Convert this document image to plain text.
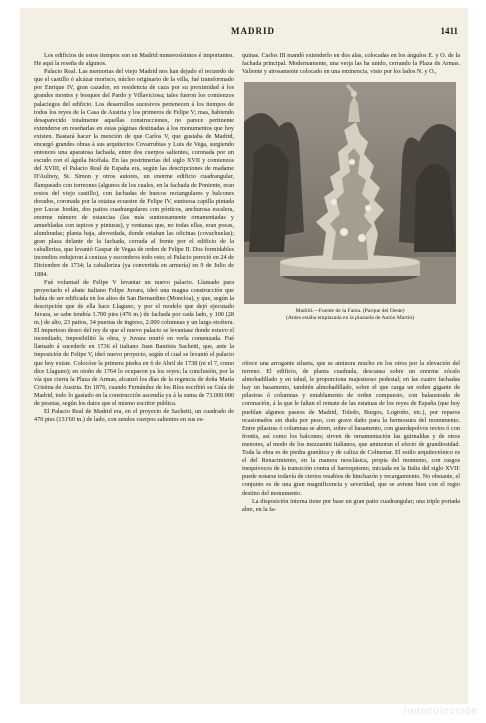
MADRID	1411

Los edificios de estos tiempos son en Madrid numerosísimos é importantes. He aquí la reseña de algunos.

Palacio Real. Las memorias del viejo Madrid nos han dejado el recuerdo de que el castillo ó alcázar morisco, núcleo originario de la villa, fué transformado por Enrique IV, gran cazador, en residencia de caza por su proximidad á los grandes montes y bosques del Pardo y Villaviciosa; tales fueron los comienzos palaciegos del edificio. Los desarrollos sucesivos pertenecen á los tiempos de todos los reyes de la Casa de Austria y los primeros de Felipe V; mas, habiendo desaparecido totalmente aquellas construcciones, no parece pertinente extenderse en reseñarlas en estas páginas destinadas á los monumentos que hoy existen. Bastará hacer la mención de que Carlos V, que gustaba de Madrid, encargó grandes obras á sus arquitectos Covarrubias y Luis de Vega, surgiendo entonces una aparatosa fachada, entre dos cuerpos salientes, coronada por un escudo con el águila bicéfala. En las postrimerías del siglo XVII y comienzos del XVIII, el Palacio Real de España era, según las descripciones de madame D'Aulnoy, St. Simon y otros autores, un enorme edificio cuadrangular, flanqueado con torreones (algunos de los cuales, en la fachada de Poniente, eran restos del viejo castillo), con fachadas de huecos rectangulares y balcones dorados, coronada por la estatua ecuestre de Felipe IV, suntuosa capilla pintada por Lucas Jordán, dos patios cuadrangulares con pórticos, anchurosa escalera, enorme número de estancias (las más suntuosamente ornamentadas y amuebladas con tapices y pinturas), y ventanas que, no todas ellas, eran pocas, alumbradas; planta baja, abovedada, donde estaban las oficinas (covachuelas); gran plaza delante de la fachada, cerrada al frente por el edificio de la caballeriza, que levantó Gaspar de Vegas de orden de Felipe II. Dos formidables incendios redujeron á cenizas y escombros todo esto; el Palacio pereció en 24 de Diciembre de 1734; la caballeriza (ya convertida en armería) en 9 de Julio de 1884.

Fué voluntad de Felipe V levantar un nuevo palacio. Llamado para proyectarlo el abate italiano Felipe Juvara, ideó una magna construcción que había de ser edificada en los altos de San Bernardino (Moncloa), y que, según la descripción que de ella hace Llaguno, y por el modelo que dejó ejecutado Juvara, se sabe tendría 1.700 pies (476 m.) de fachada por cada lado, y 100 (28 m.) de alto, 23 patios, 34 puertas de ingreso, 2.000 columnas y un largo etcétera. El imperioso deseo del rey de que el nuevo palacio se levantase donde estuvo el incendiado, imposibilitó la obra, y Juvara murió en verla comenzada. Fué llamado á sucederle en 1736 el italiano Juan Bautista Sachetti, que, ante la imposición de Felipe V, ideó nuevo proyecto, según el cual se levantó el palacio que hoy existe. Colocóse la primera piedra en 6 de Abril de 1738 (ni el 7, como dice Llaguno); en otoño de 1764 lo ocuparon ya los reyes; la conclusión, por la vía que cierra la Plaza de Armas, alcanzó los días de la regencia de doña María Cristina de Austria. En 1876, cuando Fernández de los Ríos escribió su Guía de Madrid, todo lo gastado en la construcción ascendía ya á la suma de 73.000.000 de pesetas, según los datos que el mismo escritor publica.

El Palacio Real de Madrid era, en el proyecto de Sachetti, un cuadrado de 470 pies (131'60 m.) de lado, con sendos cuerpos salientes en sus es-

quinas. Carlos III mandó extenderlo en dos alas, colocadas en los ángulos E. y O. de la fachada principal. Modernamente, una verja las ha unido, cerrando la Plaza de Armas. Valiente y airosamente colocado en una eminencia, visto por los lados N. y O.,

Madrid.—Fuente de la Fama. (Parque del Oeste)
(Antes estaba emplazada en la plazuela de Antón Martín)

ofrece una arrogante silueta, que se aminora mucho en los otros por la elevación del terreno. El edificio, de planta cuadrada, descansa sobre un enorme zócalo almohadillado y en talud, le proporciona majestuoso pedestal; en las cuatro fachadas hay un basamento, también almohadillado, sobre el que carga un orden gigante de pilastras ó columnas y entablamento de orden compuesto, con balaustrada de coronación, á la que le faltan el remate de las estatuas de los reyes de España (que hoy pueblan algunos paseos de Madrid, Toledo, Burgos, Logroño, etc.), por reparos ocasionados sin duda por peso, con grave daño para la hermosura del monumento. Entre pilastras ó columnas se abren, sobre el basamento, con guardapolvos rectos ó con frontis, así como los balcones; sirven de ornamentación las guirnaldas y de otros menores, al modo de los mezzanini italianos, que aminoran el efecto de grandiosidad. Toda la obra es de piedra granítica y de caliza de Colmenar. El estilo arquitectónico es el del Renacimiento, en la manera neoclásica, propia del momento, con rasgos inequívocos de la transición contra el barroquismo, iniciada en la Italia del siglo XVII: puede notarse todavía de ciertos resabios de hinchazón y recargamiento. No obstante, el conjunto es de una gran magnificencia y severidad, que se aviene bien con el regio destino del monumento.

La disposición interna tiene por base un gran patio cuadrangular; una triple portada abre, en la fa-

todocoleccion
